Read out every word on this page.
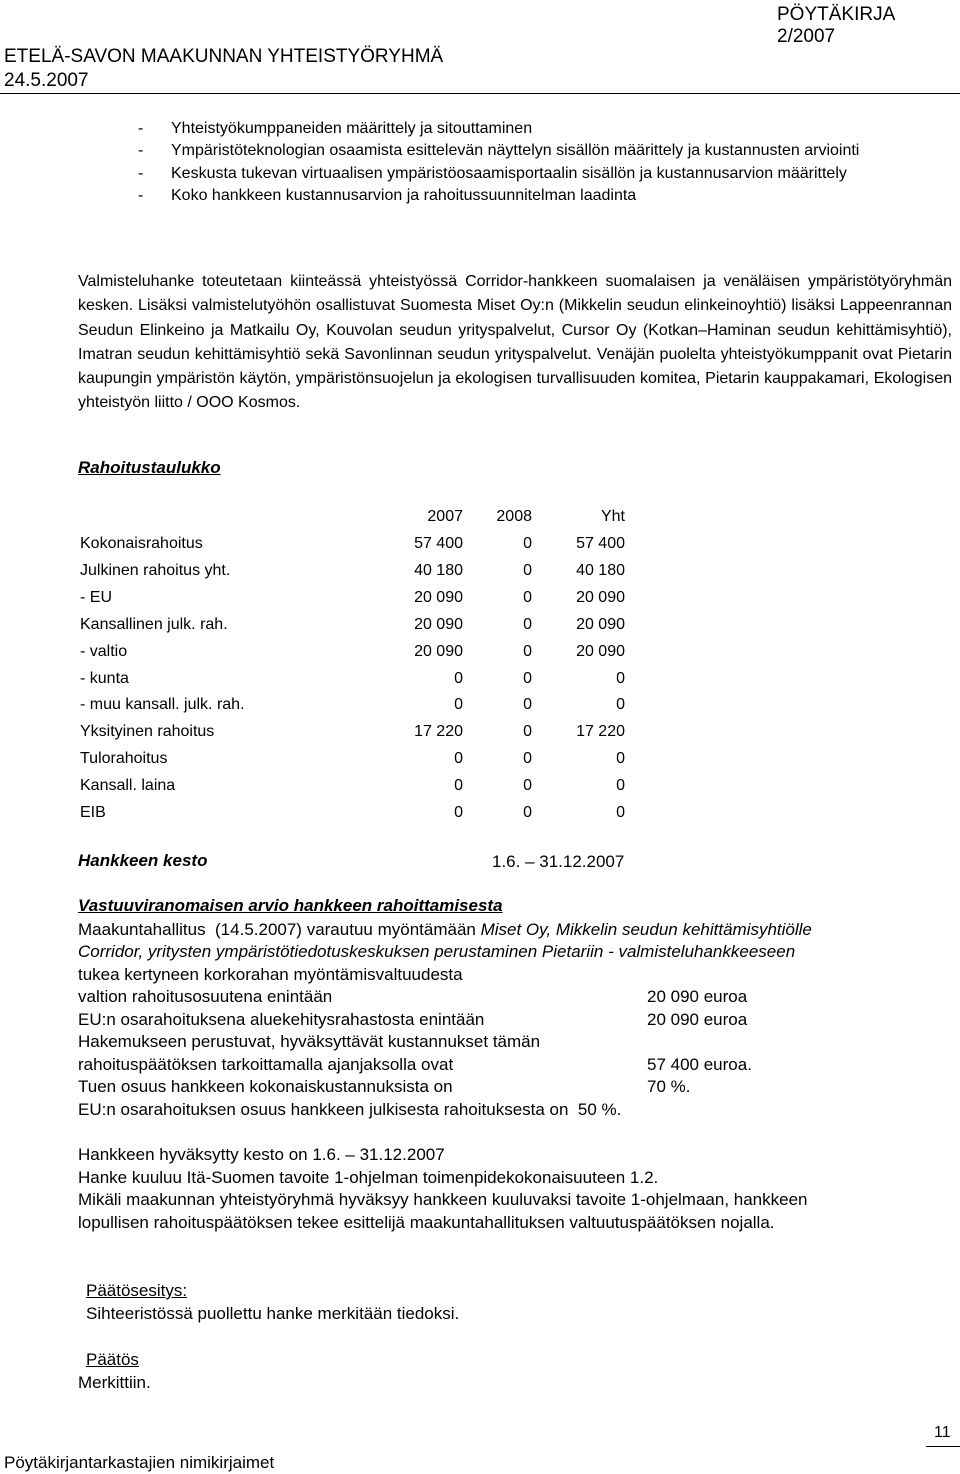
PÖYTÄKIRJA
2/2007
ETELÄ-SAVON MAAKUNNAN YHTEISTYÖRYHMÄ
24.5.2007
- Yhteistyökumppaneiden määrittely ja sitouttaminen
- Ympäristöteknologian osaamista esittelevän näyttelyn sisällön määrittely ja kustannusten arviointi
- Keskusta tukevan virtuaalisen ympäristöosaamisportaalin sisällön ja kustannusarvion määrittely
- Koko hankkeen kustannusarvion ja rahoitussuunnitelman laadinta
Valmisteluhanke toteutetaan kiinteässä yhteistyössä Corridor-hankkeen suomalaisen ja venäläisen ympäristötyöryhmän kesken. Lisäksi valmistelutyöhön osallistuvat Suomesta Miset Oy:n (Mikkelin seudun elinkeinoyhtiö) lisäksi Lappeenrannan Seudun Elinkeino ja Matkailu Oy, Kouvolan seudun yrityspalvelut, Cursor Oy (Kotkan–Haminan seudun kehittämisyhtiö), Imatran seudun kehittämisyhtiö sekä Savonlinnan seudun yrityspalvelut. Venäjän puolelta yhteistyökumppanit ovat Pietarin kaupungin ympäristön käytön, ympäristönsuojelun ja ekologisen turvallisuuden komitea, Pietarin kauppakamari, Ekologisen yhteistyön liitto / OOO Kosmos.
Rahoitustaulukko
2007	2008	Yht
Kokonaisrahoitus	57 400	0	57 400
Julkinen rahoitus yht.	40 180	0	40 180
- EU	20 090	0	20 090
Kansallinen julk. rah.	20 090	0	20 090
- valtio	20 090	0	20 090
- kunta	0	0	0
- muu kansall. julk. rah.	0	0	0
Yksityinen rahoitus	17 220	0	17 220
Tulorahoitus	0	0	0
Kansall. laina	0	0	0
EIB	0	0	0
Hankkeen kesto	1.6. – 31.12.2007
Vastuuviranomaisen arvio hankkeen rahoittamisesta
Maakuntahallitus  (14.5.2007) varautuu myöntämään Miset Oy, Mikkelin seudun kehittämisyhtiölle
Corridor, yritysten ympäristötiedotuskeskuksen perustaminen Pietariin - valmisteluhankkeeseen
tukea kertyneen korkorahan myöntämisvaltuudesta
valtion rahoitusosuutena enintään	20 090 euroa
EU:n osarahoituksena aluekehitysrahastosta enintään	20 090 euroa
Hakemukseen perustuvat, hyväksyttävät kustannukset tämän
rahoituspäätöksen tarkoittamalla ajanjaksolla ovat	57 400 euroa.
Tuen osuus hankkeen kokonaiskustannuksista on	70 %.
EU:n osarahoituksen osuus hankkeen julkisesta rahoituksesta on  50 %.
Hankkeen hyväksytty kesto on 1.6. – 31.12.2007
Hanke kuuluu Itä-Suomen tavoite 1-ohjelman toimenpidekokonaisuuteen 1.2.
Mikäli maakunnan yhteistyöryhmä hyväksyy hankkeen kuuluvaksi tavoite 1-ohjelmaan, hankkeen
lopullisen rahoituspäätöksen tekee esittelijä maakuntahallituksen valtuutuspäätöksen nojalla.
Päätösesitys:
Sihteeristössä puollettu hanke merkitään tiedoksi.
Päätös
Merkittiin.
11
Pöytäkirjantarkastajien nimikirjaimet
